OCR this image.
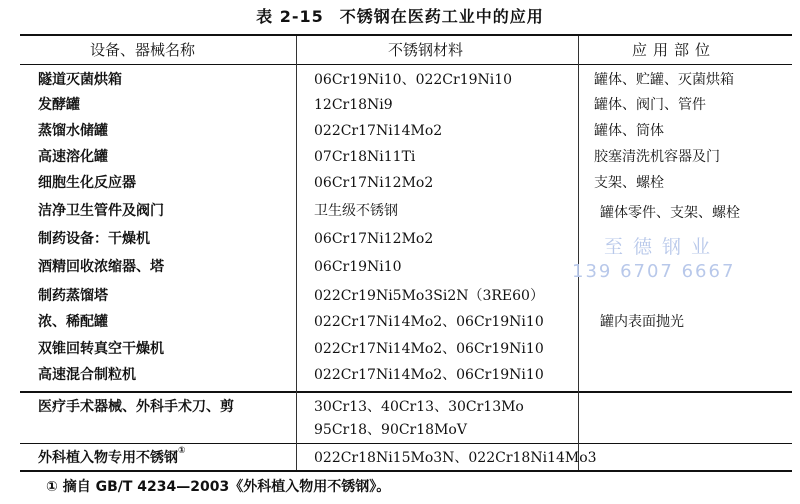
表 2-15 不锈钢在医药工业中的应用
至德钢业
139 6707 6667
设备、器械名称	不锈钢材料	应用部位
隧道灭菌烘箱	06Cr19Ni10、022Cr19Ni10	罐体、贮罐、灭菌烘箱
发酵罐	12Cr18Ni9	罐体、阀门、管件
蒸馏水储罐	022Cr17Ni14Mo2	罐体、筒体
高速溶化罐	07Cr18Ni11Ti	胶塞清洗机容器及门
细胞生化反应器	06Cr17Ni12Mo2	支架、螺栓
洁净卫生管件及阀门	卫生级不锈钢	罐体零件、支架、螺栓
制药设备：干燥机	06Cr17Ni12Mo2
酒精回收浓缩器、塔	06Cr19Ni10
制药蒸馏塔	022Cr19Ni5Mo3Si2N（3RE60）
浓、稀配罐	022Cr17Ni14Mo2、06Cr19Ni10	罐内表面抛光
双锥回转真空干燥机	022Cr17Ni14Mo2、06Cr19Ni10
高速混合制粒机	022Cr17Ni14Mo2、06Cr19Ni10
医疗手术器械、外科手术刀、剪	30Cr13、40Cr13、30Cr13Mo
95Cr18、90Cr18MoV
外科植入物专用不锈钢①	022Cr18Ni15Mo3N、022Cr18Ni14Mo3
① 摘自 GB/T 4234—2003《外科植入物用不锈钢》。
